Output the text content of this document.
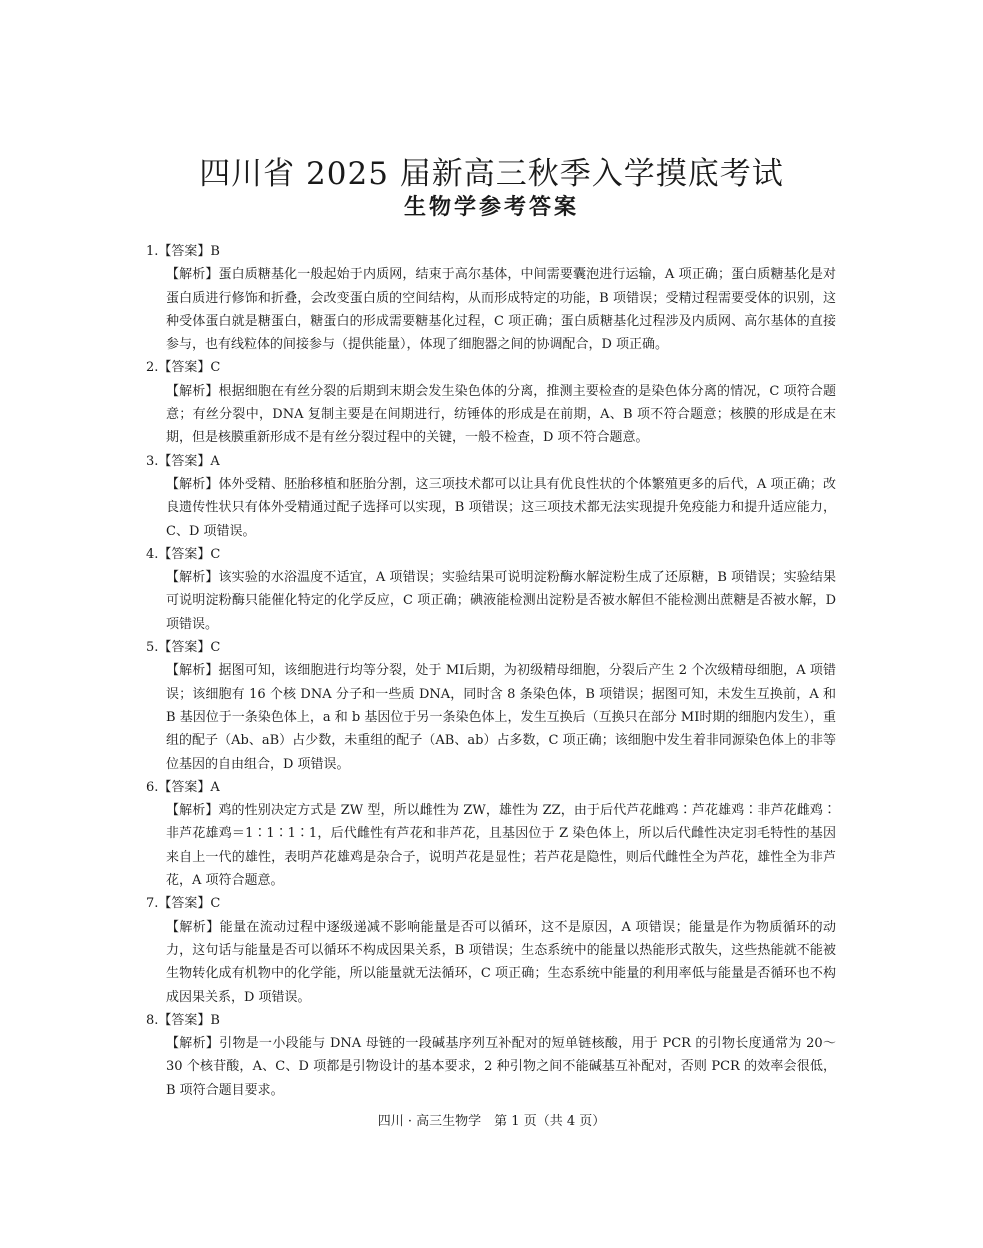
四川省 2025 届新高三秋季入学摸底考试
生物学参考答案

1.【答案】B

【解析】蛋白质糖基化一般起始于内质网，结束于高尔基体，中间需要囊泡进行运输，A 项正确；蛋白质糖基化是对蛋白质进行修饰和折叠，会改变蛋白质的空间结构，从而形成特定的功能，B 项错误；受精过程需要受体的识别，这种受体蛋白就是糖蛋白，糖蛋白的形成需要糖基化过程，C 项正确；蛋白质糖基化过程涉及内质网、高尔基体的直接参与，也有线粒体的间接参与（提供能量），体现了细胞器之间的协调配合，D 项正确。

2.【答案】C

【解析】根据细胞在有丝分裂的后期到末期会发生染色体的分离，推测主要检查的是染色体分离的情况，C 项符合题意；有丝分裂中，DNA 复制主要是在间期进行，纺锤体的形成是在前期，A、B 项不符合题意；核膜的形成是在末期，但是核膜重新形成不是有丝分裂过程中的关键，一般不检查，D 项不符合题意。

3.【答案】A

【解析】体外受精、胚胎移植和胚胎分割，这三项技术都可以让具有优良性状的个体繁殖更多的后代，A 项正确；改良遗传性状只有体外受精通过配子选择可以实现，B 项错误；这三项技术都无法实现提升免疫能力和提升适应能力，C、D 项错误。

4.【答案】C

【解析】该实验的水浴温度不适宜，A 项错误；实验结果可说明淀粉酶水解淀粉生成了还原糖，B 项错误；实验结果可说明淀粉酶只能催化特定的化学反应，C 项正确；碘液能检测出淀粉是否被水解但不能检测出蔗糖是否被水解，D 项错误。

5.【答案】C

【解析】据图可知，该细胞进行均等分裂，处于 MⅠ后期，为初级精母细胞，分裂后产生 2 个次级精母细胞，A 项错误；该细胞有 16 个核 DNA 分子和一些质 DNA，同时含 8 条染色体，B 项错误；据图可知，未发生互换前，A 和 B 基因位于一条染色体上，a 和 b 基因位于另一条染色体上，发生互换后（互换只在部分 MⅠ时期的细胞内发生），重组的配子（Ab、aB）占少数，未重组的配子（AB、ab）占多数，C 项正确；该细胞中发生着非同源染色体上的非等位基因的自由组合，D 项错误。

6.【答案】A

【解析】鸡的性别决定方式是 ZW 型，所以雌性为 ZW，雄性为 ZZ，由于后代芦花雌鸡∶芦花雄鸡∶非芦花雌鸡∶非芦花雄鸡＝1∶1∶1∶1，后代雌性有芦花和非芦花，且基因位于 Z 染色体上，所以后代雌性决定羽毛特性的基因来自上一代的雄性，表明芦花雄鸡是杂合子，说明芦花是显性；若芦花是隐性，则后代雌性全为芦花，雄性全为非芦花，A 项符合题意。

7.【答案】C

【解析】能量在流动过程中逐级递减不影响能量是否可以循环，这不是原因，A 项错误；能量是作为物质循环的动力，这句话与能量是否可以循环不构成因果关系，B 项错误；生态系统中的能量以热能形式散失，这些热能就不能被生物转化成有机物中的化学能，所以能量就无法循环，C 项正确；生态系统中能量的利用率低与能量是否循环也不构成因果关系，D 项错误。

8.【答案】B

【解析】引物是一小段能与 DNA 母链的一段碱基序列互补配对的短单链核酸，用于 PCR 的引物长度通常为 20～30 个核苷酸，A、C、D 项都是引物设计的基本要求，2 种引物之间不能碱基互补配对，否则 PCR 的效率会很低，B 项符合题目要求。

四川 · 高三生物学　第 1 页（共 4 页）
